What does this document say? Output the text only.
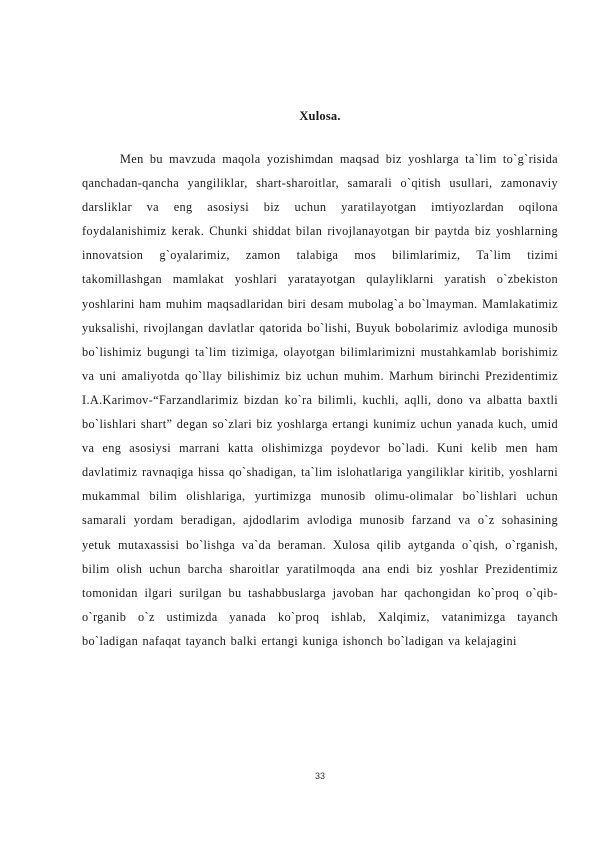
Xulosa.

Men bu mavzuda maqola yozishimdan maqsad biz yoshlarga ta`lim to`g`risida qanchadan-qancha yangiliklar, shart-sharoitlar, samarali o`qitish usullari, zamonaviy darsliklar va eng asosiysi biz uchun yaratilayotgan imtiyozlardan oqilona foydalanishimiz kerak. Chunki shiddat bilan rivojlanayotgan bir paytda biz yoshlarning innovatsion g`oyalarimiz, zamon talabiga mos bilimlarimiz, Ta`lim tizimi takomillashgan mamlakat yoshlari yaratayotgan qulayliklarni yaratish o`zbekiston yoshlarini ham muhim maqsadlaridan biri desam mubolag`a bo`lmayman. Mamlakatimiz yuksalishi, rivojlangan davlatlar qatorida bo`lishi, Buyuk bobolarimiz avlodiga munosib bo`lishimiz bugungi ta`lim tizimiga, olayotgan bilimlarimizni mustahkamlab borishimiz va uni amaliyotda qo`llay bilishimiz biz uchun muhim. Marhum birinchi Prezidentimiz I.A.Karimov-“Farzandlarimiz bizdan ko`ra bilimli, kuchli, aqlli, dono va albatta baxtli bo`lishlari shart” degan so`zlari biz yoshlarga ertangi kunimiz uchun yanada kuch, umid va eng asosiysi marrani katta olishimizga poydevor bo`ladi. Kuni kelib men ham davlatimiz ravnaqiga hissa qo`shadigan, ta`lim islohatlariga yangiliklar kiritib, yoshlarni mukammal bilim olishlariga, yurtimizga munosib olimu-olimalar bo`lishlari uchun samarali yordam beradigan, ajdodlarim avlodiga munosib farzand va o`z sohasining yetuk mutaxassisi bo`lishga va`da beraman. Xulosa qilib aytganda o`qish, o`rganish, bilim olish uchun barcha sharoitlar yaratilmoqda ana endi biz yoshlar Prezidentimiz tomonidan ilgari surilgan bu tashabbuslarga javoban har qachongidan ko`proq o`qib-o`rganib o`z ustimizda yanada ko`proq ishlab, Xalqimiz, vatanimizga tayanch bo`ladigan nafaqat tayanch balki ertangi kuniga ishonch bo`ladigan va kelajagini

33
